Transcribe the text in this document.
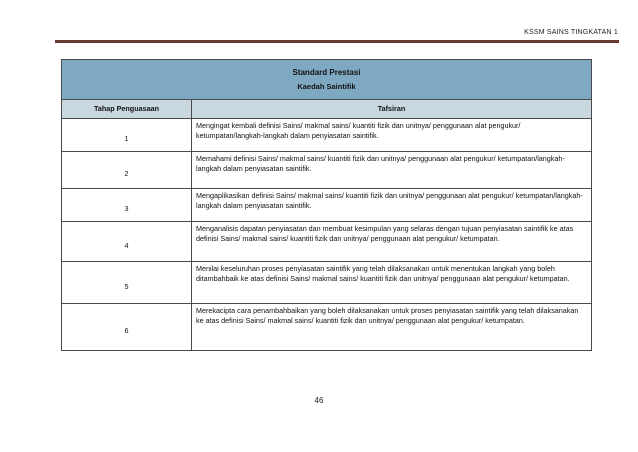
KSSM SAINS TINGKATAN 1
Standard Prestasi
Kaedah Saintifik	

Tahap Penguasaan	Tafsiran
1	Mengingat kembali definisi Sains/ makmal sains/ kuantiti fizik dan unitnya/ penggunaan alat pengukur/ ketumpatan/langkah-langkah dalam penyiasatan saintifik.
2	Memahami definisi Sains/ makmal sains/ kuantiti fizik dan unitnya/ penggunaan alat pengukur/ ketumpatan/langkah-langkah dalam penyiasatan saintifik.
3	Mengaplikasikan definisi Sains/ makmal sains/ kuantiti fizik dan unitnya/ penggunaan alat pengukur/ ketumpatan/langkah-langkah dalam penyiasatan saintifik.
4	Menganalisis dapatan penyiasatan dan membuat kesimpulan yang selaras dengan tujuan penyiasatan saintifik ke atas definisi Sains/ makmal sains/ kuantiti fizik dan unitnya/ penggunaan alat pengukur/ ketumpatan.
5	Menilai keseluruhan proses penyiasatan saintifik yang telah dilaksanakan untuk menentukan langkah yang boleh ditambahbaik ke atas definisi Sains/ makmal sains/ kuantiti fizik dan unitnya/ penggunaan alat pengukur/ ketumpatan.
6	Merekacipta cara penambahbaikan yang boleh dilaksanakan untuk proses penyiasatan saintifik yang telah dilaksanakan ke atas definisi Sains/ makmal sains/ kuantiti fizik dan unitnya/ penggunaan alat pengukur/ ketumpatan.
46
